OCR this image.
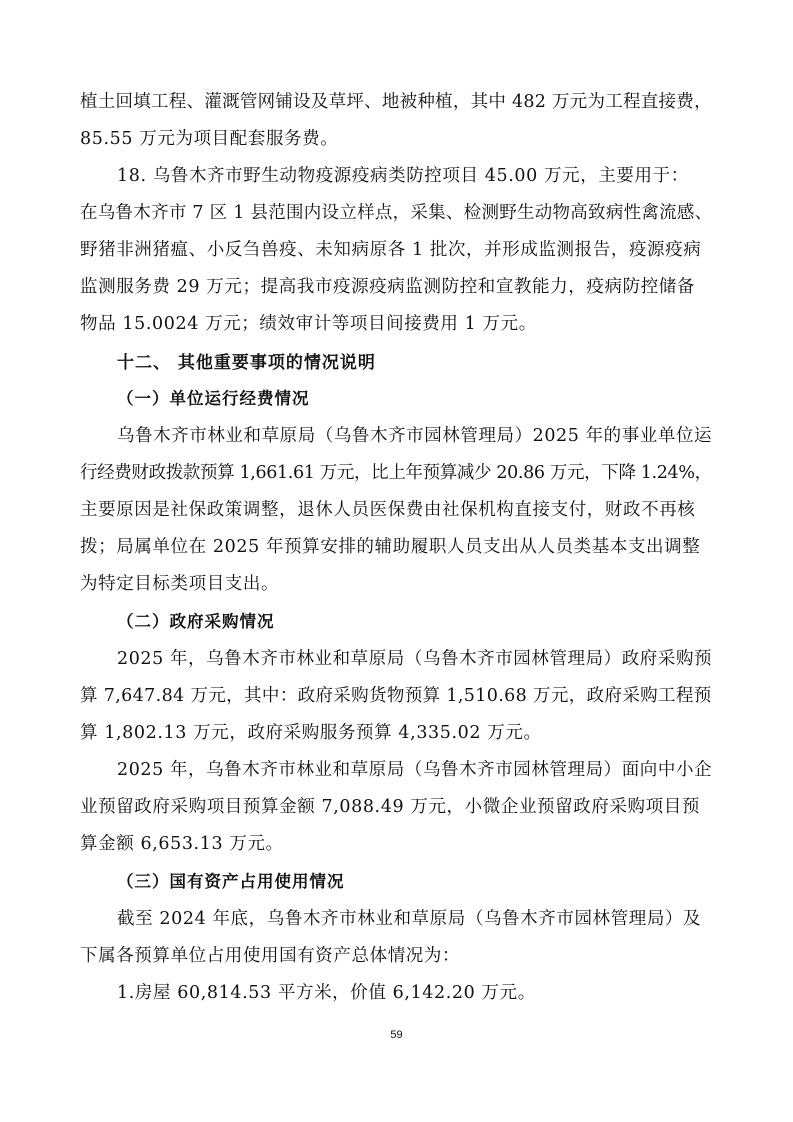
植土回填工程、灌溉管网铺设及草坪、地被种植，其中 482 万元为工程直接费，
85.55 万元为项目配套服务费。
18. 乌鲁木齐市野生动物疫源疫病类防控项目 45.00 万元，主要用于：
在乌鲁木齐市 7 区 1 县范围内设立样点，采集、检测野生动物高致病性禽流感、
野猪非洲猪瘟、小反刍兽疫、未知病原各 1 批次，并形成监测报告，疫源疫病
监测服务费 29 万元；提高我市疫源疫病监测防控和宣教能力，疫病防控储备
物品 15.0024 万元；绩效审计等项目间接费用 1 万元。
十二、 其他重要事项的情况说明
（一）单位运行经费情况
乌鲁木齐市林业和草原局（乌鲁木齐市园林管理局）2025 年的事业单位运
行经费财政拨款预算 1,661.61 万元，比上年预算减少 20.86 万元，下降 1.24%，
主要原因是社保政策调整，退休人员医保费由社保机构直接支付，财政不再核
拨；局属单位在 2025 年预算安排的辅助履职人员支出从人员类基本支出调整
为特定目标类项目支出。
（二）政府采购情况
2025 年，乌鲁木齐市林业和草原局（乌鲁木齐市园林管理局）政府采购预
算 7,647.84 万元，其中：政府采购货物预算 1,510.68 万元，政府采购工程预
算 1,802.13 万元，政府采购服务预算 4,335.02 万元。
2025 年，乌鲁木齐市林业和草原局（乌鲁木齐市园林管理局）面向中小企
业预留政府采购项目预算金额 7,088.49 万元，小微企业预留政府采购项目预
算金额 6,653.13 万元。
（三）国有资产占用使用情况
截至 2024 年底，乌鲁木齐市林业和草原局（乌鲁木齐市园林管理局）及
下属各预算单位占用使用国有资产总体情况为：
1.房屋 60,814.53 平方米，价值 6,142.20 万元。
59
